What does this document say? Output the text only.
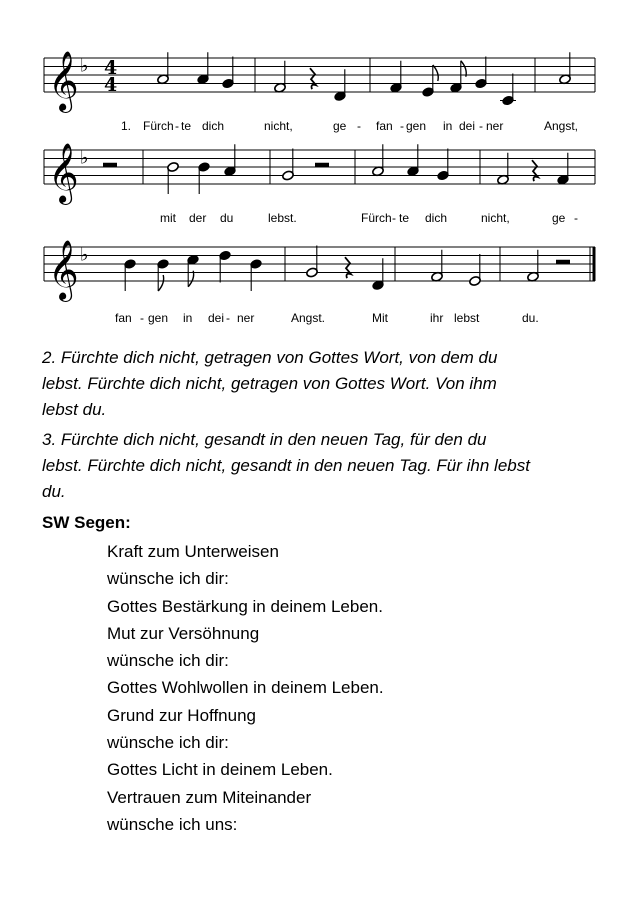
𝄞 ♭
𝄞 ♭
𝄞 ♭
4
4
1. Fürch - te dich	nicht,	ge - fan - gen in dei - ner	Angst,
mit der du	lebst.	Fürch - te dich	nicht,	ge -
fan - gen in dei - ner	Angst.	Mit	ihr lebst	du.

2. Fürchte dich nicht, getragen von Gottes Wort, von dem du
lebst. Fürchte dich nicht, getragen von Gottes Wort. Von ihm
lebst du.

3. Fürchte dich nicht, gesandt in den neuen Tag, für den du
lebst. Fürchte dich nicht, gesandt in den neuen Tag. Für ihn lebst
du.

SW Segen:
Kraft zum Unterweisen
wünsche ich dir:
Gottes Bestärkung in deinem Leben.
Mut zur Versöhnung
wünsche ich dir:
Gottes Wohlwollen in deinem Leben.
Grund zur Hoffnung
wünsche ich dir:
Gottes Licht in deinem Leben.
Vertrauen zum Miteinander
wünsche ich uns:
